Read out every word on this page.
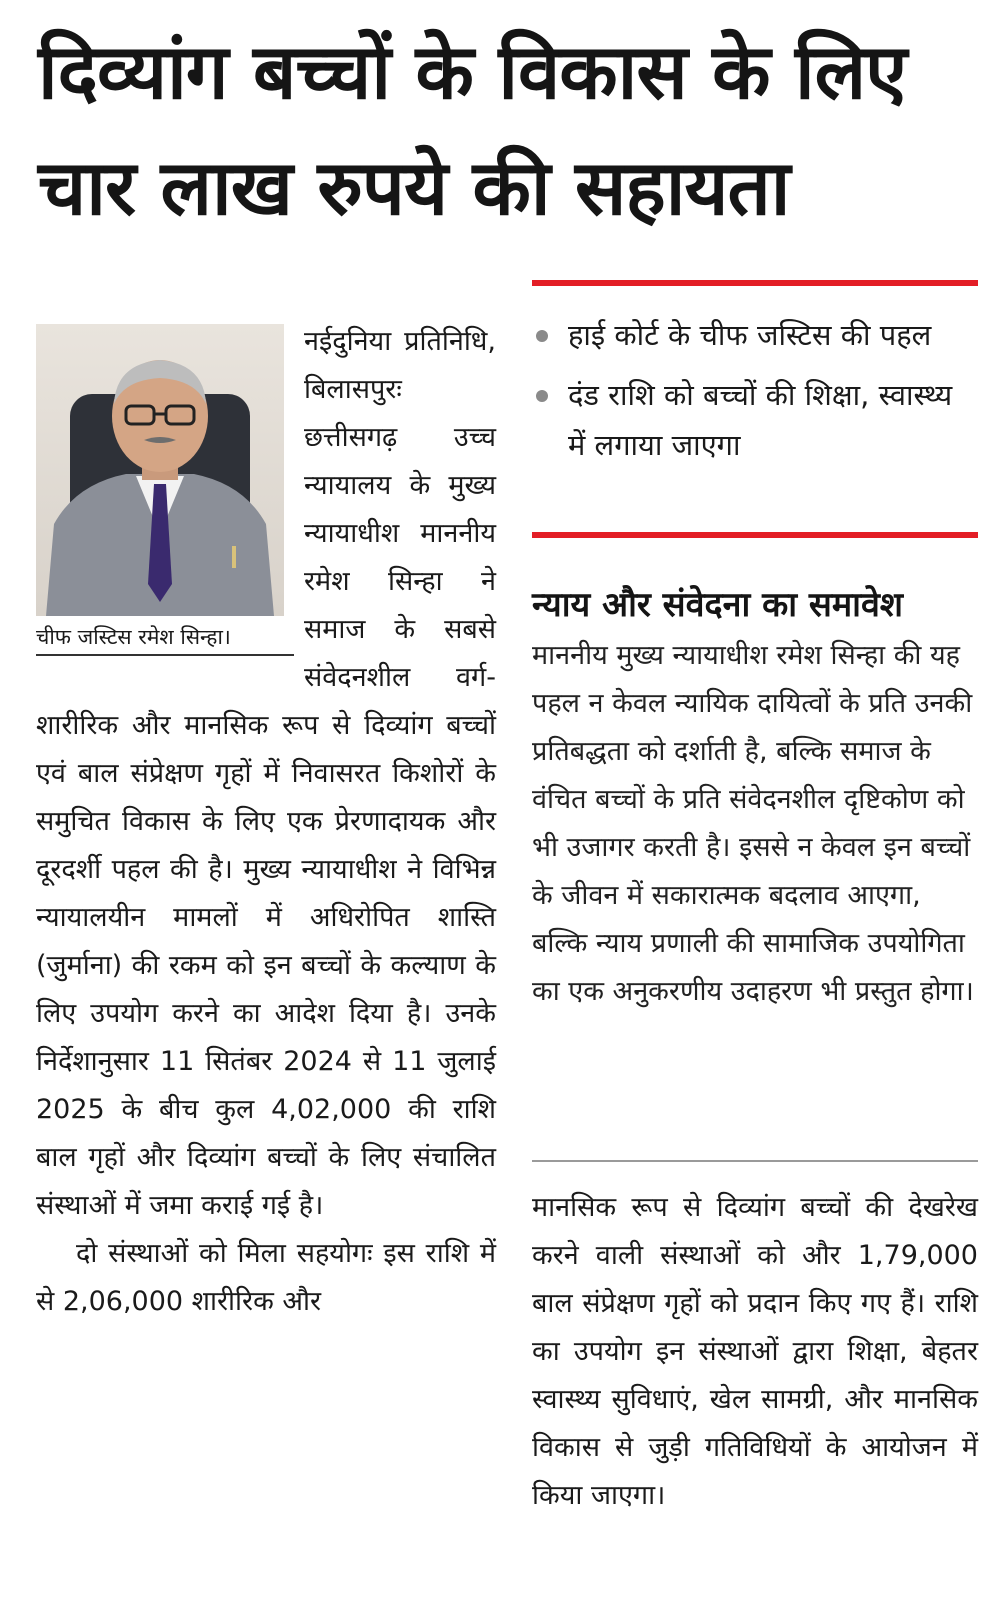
दिव्यांग बच्चों के विकास के लिए
चार लाख रुपये की सहायता
चीफ जस्टिस रमेश सिन्हा।

नईदुनिया प्रतिनिधि, बिलासपुरः छत्तीसगढ़ उच्च न्यायालय के मुख्य न्यायाधीश माननीय रमेश सिन्हा ने समाज के सबसे संवेदनशील वर्ग- शारीरिक और मानसिक रूप से दिव्यांग बच्चों एवं बाल संप्रेक्षण गृहों में निवासरत किशोरों के समुचित विकास के लिए एक प्रेरणादायक और दूरदर्शी पहल की है। मुख्य न्यायाधीश ने विभिन्न न्यायालयीन मामलों में अधिरोपित शास्ति (जुर्माना) की रकम को इन बच्चों के कल्याण के लिए उपयोग करने का आदेश दिया है। उनके निर्देशानुसार 11 सितंबर 2024 से 11 जुलाई 2025 के बीच कुल 4,02,000 की राशि बाल गृहों और दिव्यांग बच्चों के लिए संचालित संस्थाओं में जमा कराई गई है।

दो संस्थाओं को मिला सहयोगः इस राशि में से 2,06,000 शारीरिक और

हाई कोर्ट के चीफ जस्टिस की पहल
दंड राशि को बच्चों की शिक्षा, स्वास्थ्य में लगाया जाएगा
न्याय और संवेदना का समावेश

माननीय मुख्य न्यायाधीश रमेश सिन्हा की यह पहल न केवल न्यायिक दायित्वों के प्रति उनकी प्रतिबद्धता को दर्शाती है, बल्कि समाज के वंचित बच्चों के प्रति संवेदनशील दृष्टिकोण को भी उजागर करती है। इससे न केवल इन बच्चों के जीवन में सकारात्मक बदलाव आएगा, बल्कि न्याय प्रणाली की सामाजिक उपयोगिता का एक अनुकरणीय उदाहरण भी प्रस्तुत होगा।

मानसिक रूप से दिव्यांग बच्चों की देखरेख करने वाली संस्थाओं को और 1,79,000 बाल संप्रेक्षण गृहों को प्रदान किए गए हैं। राशि का उपयोग इन संस्थाओं द्वारा शिक्षा, बेहतर स्वास्थ्य सुविधाएं, खेल सामग्री, और मानसिक विकास से जुड़ी गतिविधियों के आयोजन में किया जाएगा।
